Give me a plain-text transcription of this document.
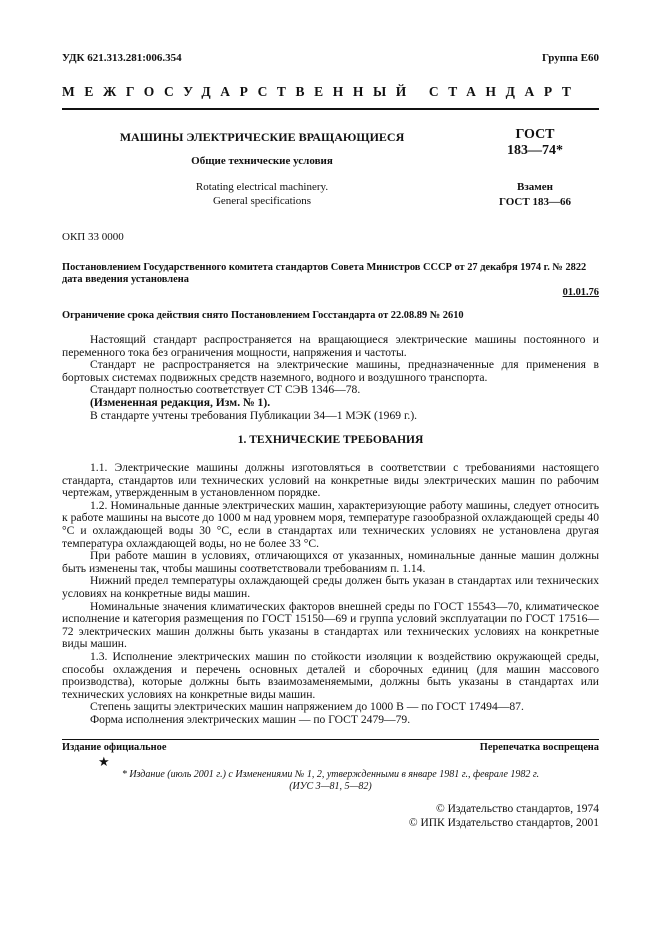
УДК 621.313.281:006.354	Группа Е60
МЕЖГОСУДАРСТВЕННЫЙ СТАНДАРТ
МАШИНЫ ЭЛЕКТРИЧЕСКИЕ ВРАЩАЮЩИЕСЯ
Общие технические условия
Rotating electrical machinery.
General specifications
ГОСТ
183—74*
Взамен
ГОСТ 183—66
ОКП 33 0000
Постановлением Государственного комитета стандартов Совета Министров СССР от 27 декабря 1974 г. № 2822
дата введения установлена
01.01.76
Ограничение срока действия снято Постановлением Госстандарта от 22.08.89 № 2610

Настоящий стандарт распространяется на вращающиеся электрические машины постоянного и переменного тока без ограничения мощности, напряжения и частоты.

Стандарт не распространяется на электрические машины, предназначенные для применения в бортовых системах подвижных средств наземного, водного и воздушного транспорта.

Стандарт полностью соответствует СТ СЭВ 1346—78.

(Измененная редакция, Изм. № 1).

В стандарте учтены требования Публикации 34—1 МЭК (1969 г.).

1. ТЕХНИЧЕСКИЕ ТРЕБОВАНИЯ

1.1. Электрические машины должны изготовляться в соответствии с требованиями настоящего стандарта, стандартов или технических условий на конкретные виды электрических машин по рабочим чертежам, утвержденным в установленном порядке.

1.2. Номинальные данные электрических машин, характеризующие работу машины, следует относить к работе машины на высоте до 1000 м над уровнем моря, температуре газообразной охлаждающей среды 40 °С и охлаждающей воды 30 °С, если в стандартах или технических условиях не установлена другая температура охлаждающей воды, но не более 33 °С.

При работе машин в условиях, отличающихся от указанных, номинальные данные машин должны быть изменены так, чтобы машины соответствовали требованиям п. 1.14.

Нижний предел температуры охлаждающей среды должен быть указан в стандартах или технических условиях на конкретные виды машин.

Номинальные значения климатических факторов внешней среды по ГОСТ 15543—70, климатическое исполнение и категория размещения по ГОСТ 15150—69 и группа условий эксплуатации по ГОСТ 17516—72 электрических машин должны быть указаны в стандартах или технических условиях на конкретные виды машин.

1.3. Исполнение электрических машин по стойкости изоляции к воздействию окружающей среды, способы охлаждения и перечень основных деталей и сборочных единиц (для машин массового производства), которые должны быть взаимозаменяемыми, должны быть указаны в стандартах или технических условиях на конкретные виды машин.

Степень защиты электрических машин напряжением до 1000 В — по ГОСТ 17494—87.

Форма исполнения электрических машин — по ГОСТ 2479—79.

Издание официальное	Перепечатка воспрещена
★
* Издание (июль 2001 г.) с Изменениями № 1, 2, утвержденными в январе 1981 г., феврале 1982 г.
(ИУС 3—81, 5—82)
© Издательство стандартов, 1974
© ИПК Издательство стандартов, 2001
